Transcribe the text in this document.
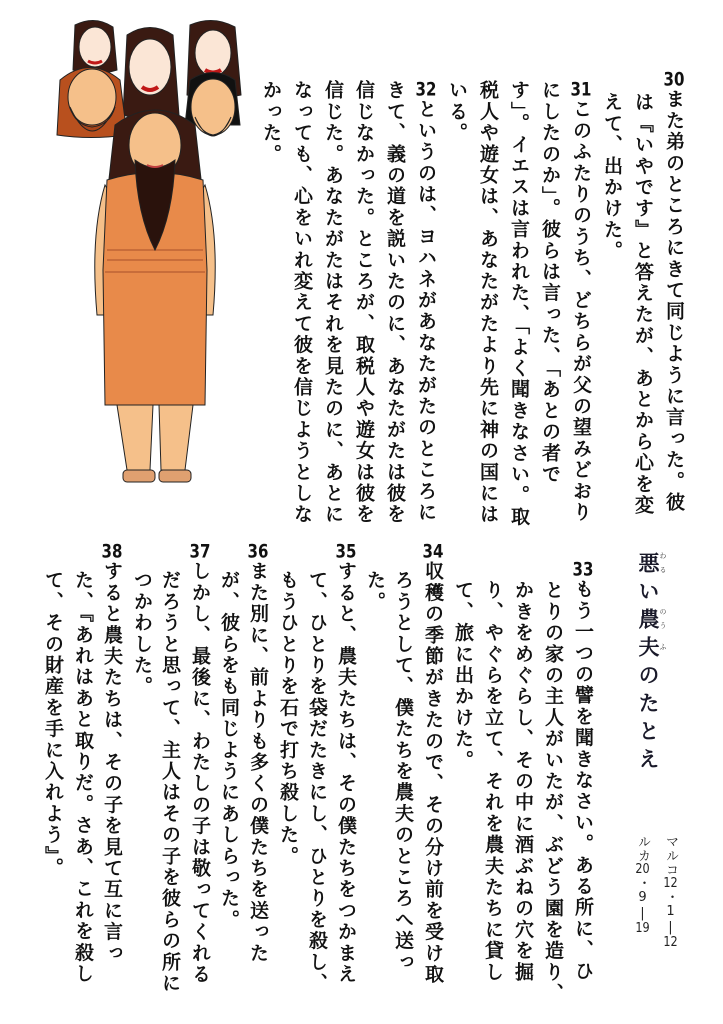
30また弟のところにきて同じように言った。彼
は『いやです』と答えたが、あとから心を変
えて、出かけた。
31このふたりのうち、どちらが父の望みどおり
にしたのか」。彼らは言った、「あとの者で
す」。イエスは言われた、「よく聞きなさい。取
税人や遊女は、あなたがたより先に神の国には
いる。
32というのは、ヨハネがあなたがたのところに
きて、義の道を説いたのに、あなたがたは彼を
信じなかった。ところが、取税人や遊女は彼を
信じた。あなたがたはそれを見たのに、あとに
なっても、心をいれ変えて彼を信じようとしな
かった。
悪 わるい農 のう夫 ふのたとえ
マルコ12・1|12
ルカ20・9|19
33もう一つの譬を聞きなさい。ある所に、ひ
とりの家の主人がいたが、ぶどう園を造り、
かきをめぐらし、その中に酒ぶねの穴を掘
り、やぐらを立て、それを農夫たちに貸し
て、旅に出かけた。
34収穫の季節がきたので、その分け前を受け取
ろうとして、僕たちを農夫のところへ送っ
た。
35すると、農夫たちは、その僕たちをつかまえ
て、ひとりを袋だたきにし、ひとりを殺し、
もうひとりを石で打ち殺した。
36また別に、前よりも多くの僕たちを送った
が、彼らをも同じようにあしらった。
37しかし、最後に、わたしの子は敬ってくれる
だろうと思って、主人はその子を彼らの所に
つかわした。
38すると農夫たちは、その子を見て互に言っ
た、『あれはあと取りだ。さあ、これを殺し
て、その財産を手に入れよう』。
